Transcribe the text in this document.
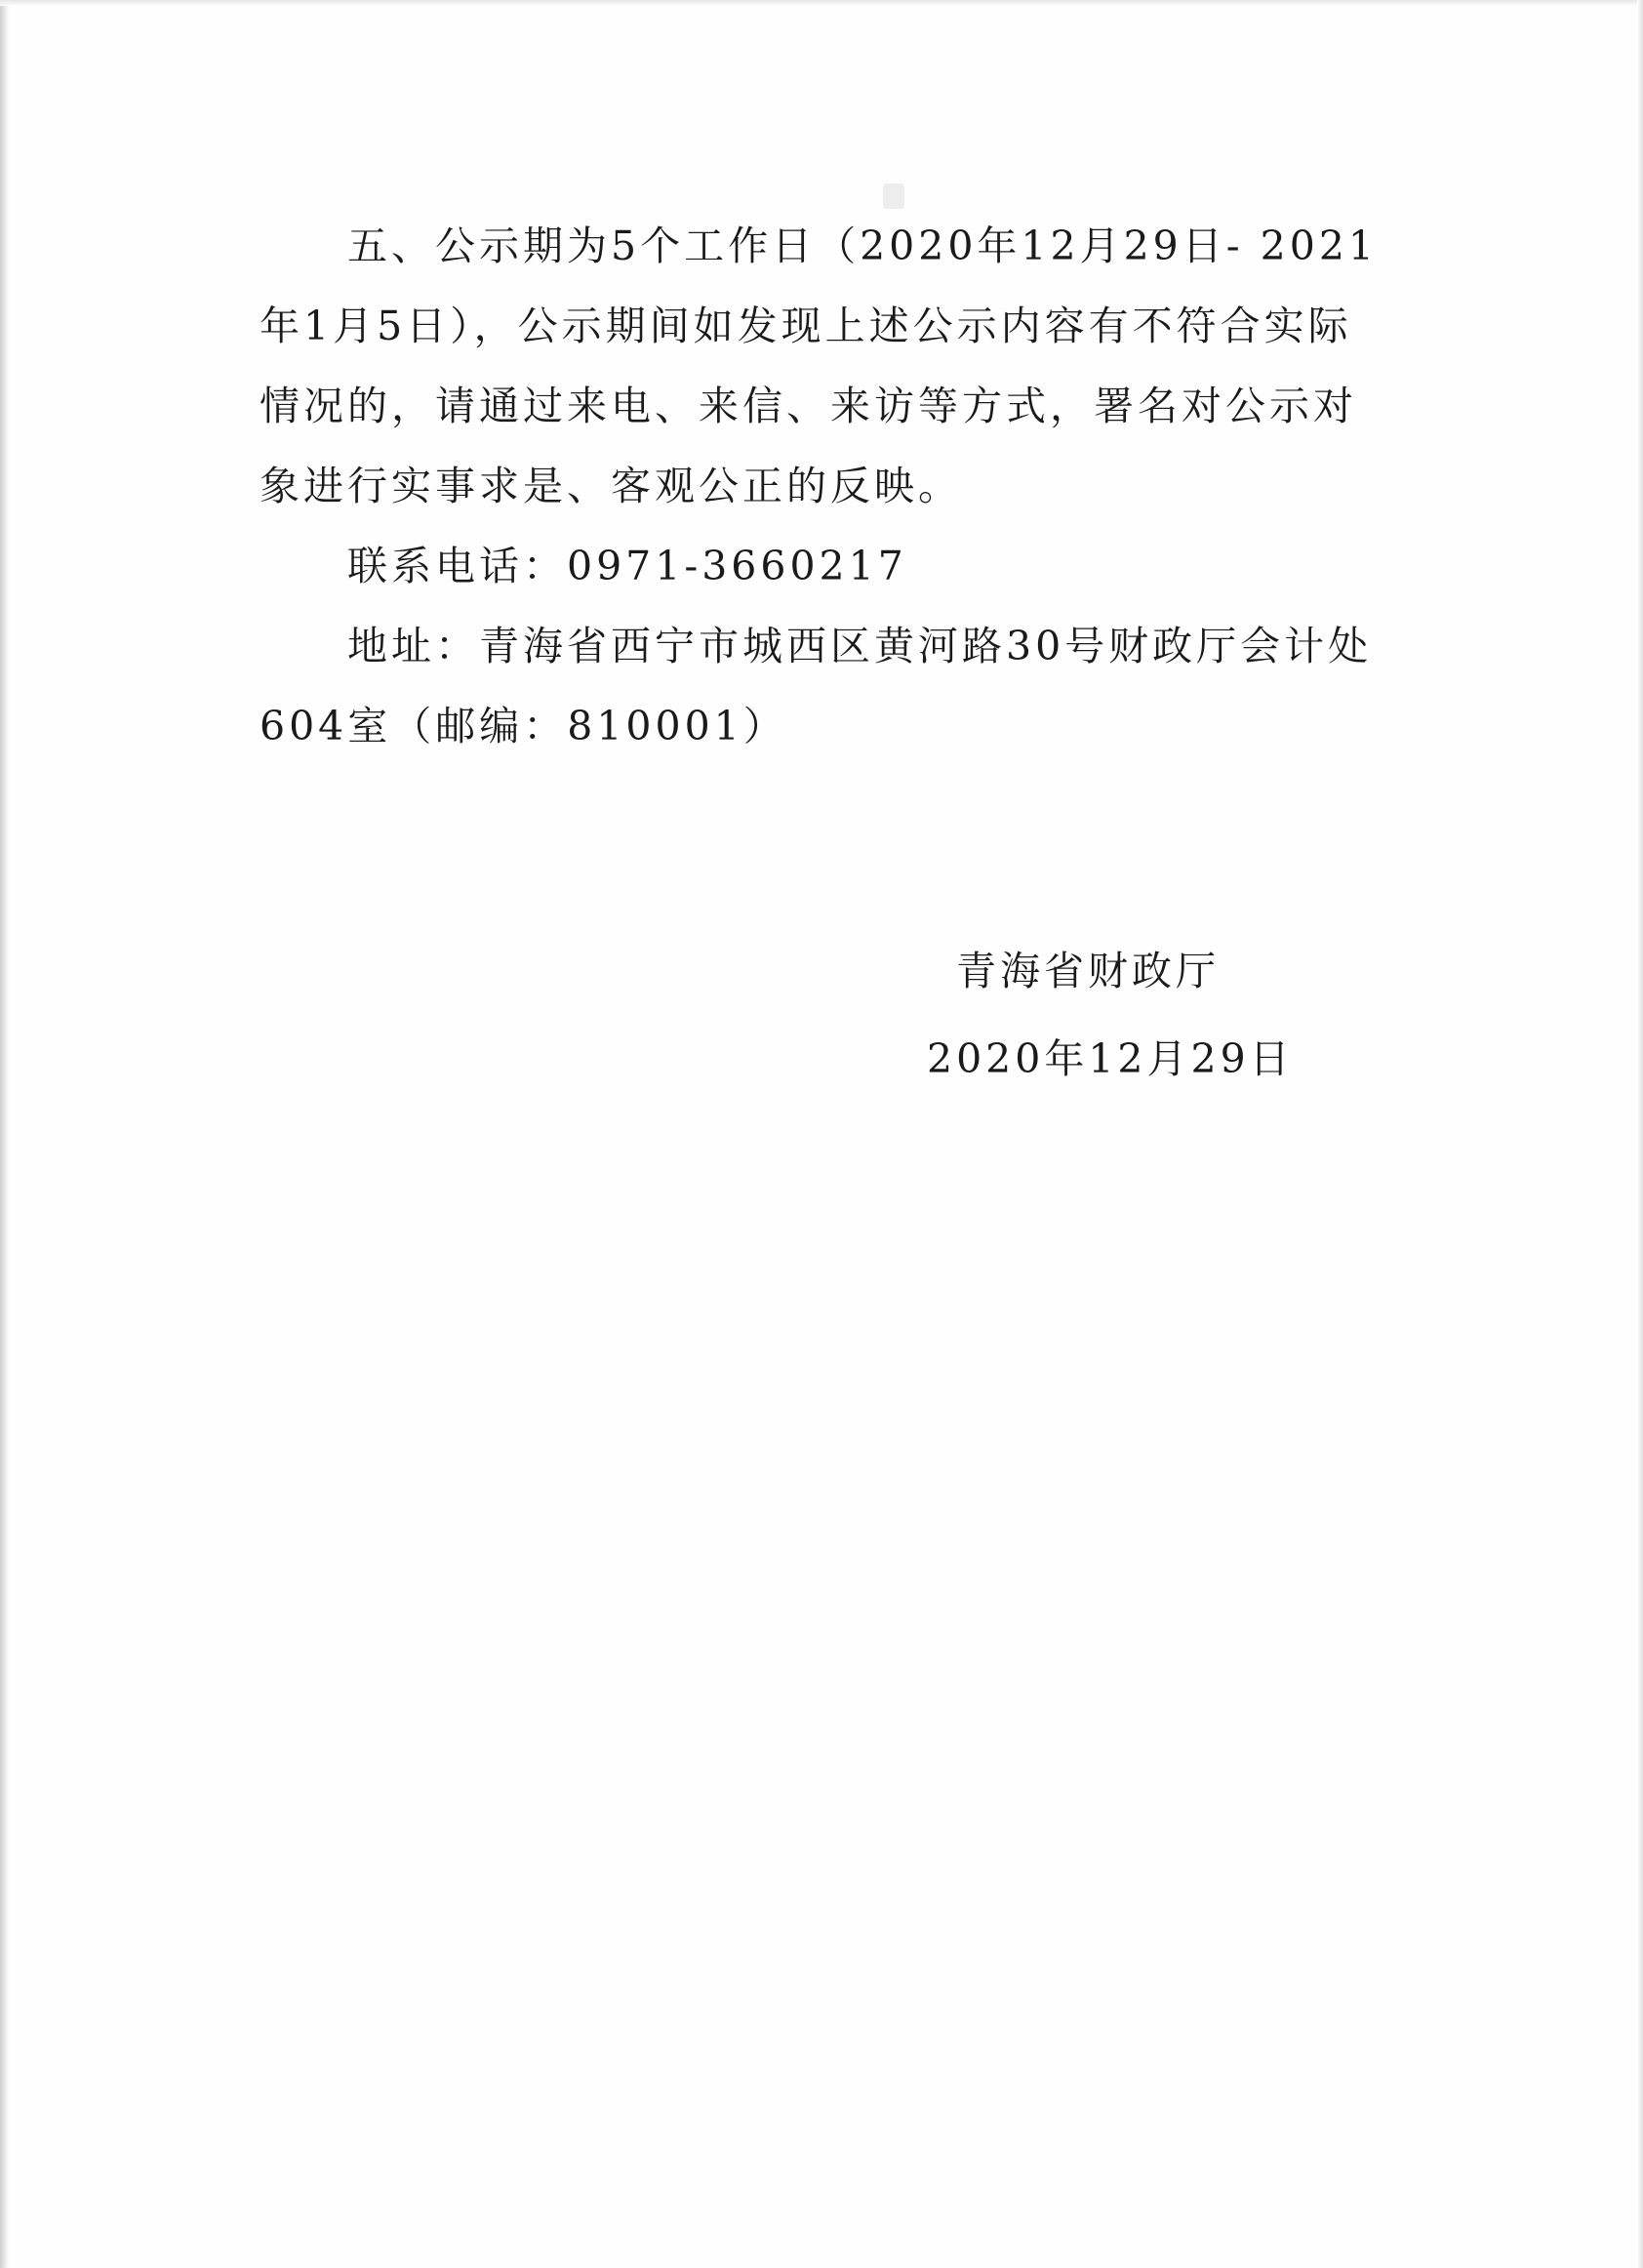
五、公示期为5个工作日（2020年12月29日- 2021年1月5日），公示期间如发现上述公示内容有不符合实际情况的，请通过来电、来信、来访等方式，署名对公示对象进行实事求是、客观公正的反映。

联系电话：0971-3660217

地址：青海省西宁市城西区黄河路30号财政厅会计处604室（邮编：810001）

青海省财政厅
2020年12月29日
